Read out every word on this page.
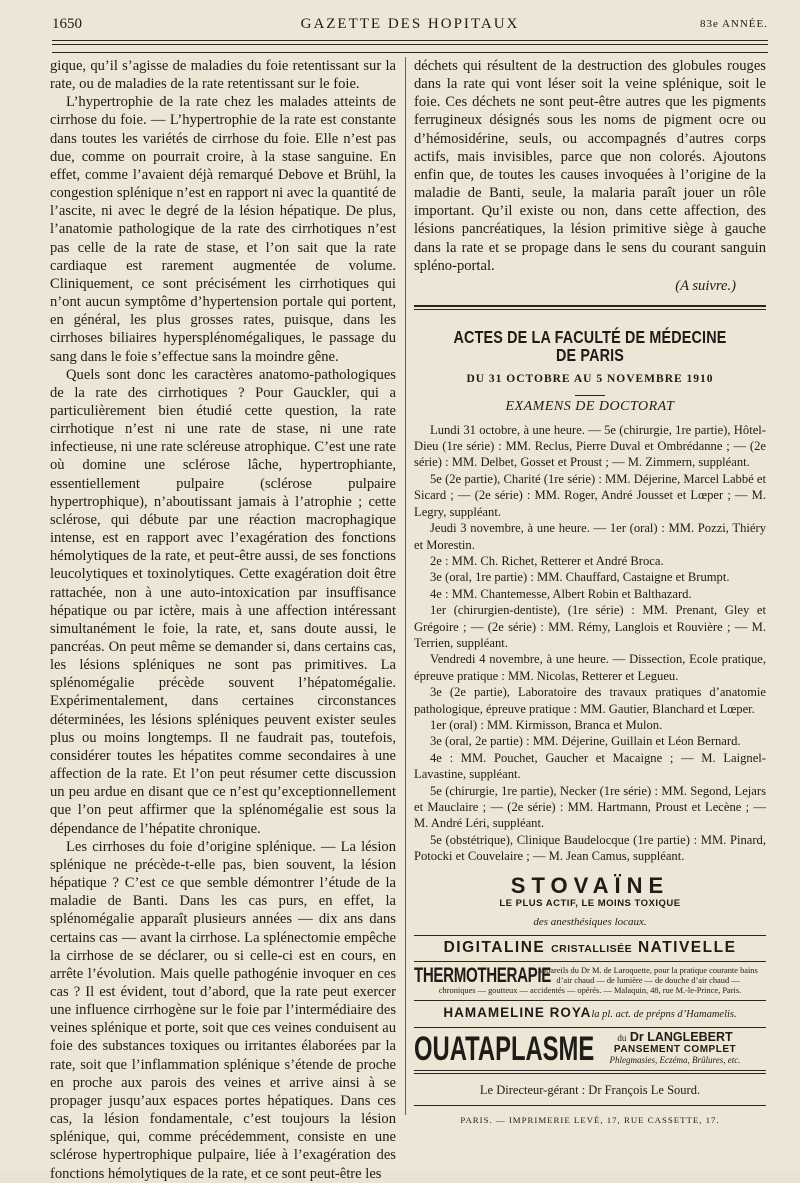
1650	GAZETTE DES HOPITAUX	83e ANNÉE.

gique, qu’il s’agisse de maladies du foie retentissant sur la rate, ou de maladies de la rate retentissant sur le foie.

L’hypertrophie de la rate chez les malades atteints de cirrhose du foie. — L’hypertrophie de la rate est constante dans toutes les variétés de cirrhose du foie. Elle n’est pas due, comme on pourrait croire, à la stase sanguine. En effet, comme l’avaient déjà remarqué Debove et Brühl, la congestion splénique n’est en rapport ni avec la quantité de l’ascite, ni avec le degré de la lésion hépatique. De plus, l’anatomie pathologique de la rate des cirrhotiques n’est pas celle de la rate de stase, et l’on sait que la rate cardiaque est rarement augmentée de volume. Cliniquement, ce sont précisément les cirrhotiques qui n’ont aucun symptôme d’hypertension portale qui portent, en général, les plus grosses rates, puisque, dans les cirrhoses biliaires hypersplénomégaliques, le passage du sang dans le foie s’effectue sans la moindre gêne.

Quels sont donc les caractères anatomo-pathologiques de la rate des cirrhotiques ? Pour Gauckler, qui a particulièrement bien étudié cette question, la rate cirrhotique n’est ni une rate de stase, ni une rate infectieuse, ni une rate scléreuse atrophique. C’est une rate où domine une sclérose lâche, hypertrophiante, essentiellement pulpaire (sclérose pulpaire hypertrophique), n’aboutissant jamais à l’atrophie ; cette sclérose, qui débute par une réaction macrophagique intense, est en rapport avec l’exagération des fonctions hémolytiques de la rate, et peut-être aussi, de ses fonctions leucolytiques et toxinolytiques. Cette exagération doit être rattachée, non à une auto-intoxication par insuffisance hépatique ou par ictère, mais à une affection intéressant simultanément le foie, la rate, et, sans doute aussi, le pancréas. On peut même se demander si, dans certains cas, les lésions spléniques ne sont pas primitives. La splénomégalie précède souvent l’hépatomégalie. Expérimentalement, dans certaines circonstances déterminées, les lésions spléniques peuvent exister seules plus ou moins longtemps. Il ne faudrait pas, toutefois, considérer toutes les hépatites comme secondaires à une affection de la rate. Et l’on peut résumer cette discussion un peu ardue en disant que ce n’est qu’exceptionnellement que l’on peut affirmer que la splénomégalie est sous la dépendance de l’hépatite chronique.

Les cirrhoses du foie d’origine splénique. — La lésion splénique ne précède-t-elle pas, bien souvent, la lésion hépatique ? C’est ce que semble démontrer l’étude de la maladie de Banti. Dans les cas purs, en effet, la splénomégalie apparaît plusieurs années — dix ans dans certains cas — avant la cirrhose. La splénectomie empêche la cirrhose de se déclarer, ou si celle-ci est en cours, en arrête l’évolution. Mais quelle pathogénie invoquer en ces cas ? Il est évident, tout d’abord, que la rate peut exercer une influence cirrhogène sur le foie par l’intermédiaire des veines splénique et porte, soit que ces veines conduisent au foie des substances toxiques ou irritantes élaborées par la rate, soit que l’inflammation splénique s’étende de proche en proche aux parois des veines et arrive ainsi à se propager jusqu’aux espaces portes hépatiques. Dans ces cas, la lésion fondamentale, c’est toujours la lésion splénique, qui, comme précédemment, consiste en une sclérose hypertrophique pulpaire, liée à l’exagération des fonctions hémolytiques de la rate, et ce sont peut-être les

déchets qui résultent de la destruction des globules rouges dans la rate qui vont léser soit la veine splénique, soit le foie. Ces déchets ne sont peut-être autres que les pigments ferrugineux désignés sous les noms de pigment ocre ou d’hémosidérine, seuls, ou accompagnés d’autres corps actifs, mais invisibles, parce que non colorés. Ajoutons enfin que, de toutes les causes invoquées à l’origine de la maladie de Banti, seule, la malaria paraît jouer un rôle important. Qu’il existe ou non, dans cette affection, des lésions pancréatiques, la lésion primitive siège à gauche dans la rate et se propage dans le sens du courant sanguin spléno-portal.

(A suivre.)
ACTES DE LA FACULTÉ DE MÉDECINE DE PARIS
DU 31 OCTOBRE AU 5 NOVEMBRE 1910
EXAMENS DE DOCTORAT

Lundi 31 octobre, à une heure. — 5e (chirurgie, 1re partie), Hôtel-Dieu (1re série) : MM. Reclus, Pierre Duval et Ombrédanne ; — (2e série) : MM. Delbet, Gosset et Proust ; — M. Zimmern, suppléant.

5e (2e partie), Charité (1re série) : MM. Déjerine, Marcel Labbé et Sicard ; — (2e série) : MM. Roger, André Jousset et Lœper ; — M. Legry, suppléant.

Jeudi 3 novembre, à une heure. — 1er (oral) : MM. Pozzi, Thiéry et Morestin.

2e : MM. Ch. Richet, Retterer et André Broca.

3e (oral, 1re partie) : MM. Chauffard, Castaigne et Brumpt.

4e : MM. Chantemesse, Albert Robin et Balthazard.

1er (chirurgien-dentiste), (1re série) : MM. Prenant, Gley et Grégoire ; — (2e série) : MM. Rémy, Langlois et Rouvière ; — M. Terrien, suppléant.

Vendredi 4 novembre, à une heure. — Dissection, Ecole pratique, épreuve pratique : MM. Nicolas, Retterer et Legueu.

3e (2e partie), Laboratoire des travaux pratiques d’anatomie pathologique, épreuve pratique : MM. Gautier, Blanchard et Lœper.

1er (oral) : MM. Kirmisson, Branca et Mulon.

3e (oral, 2e partie) : MM. Déjerine, Guillain et Léon Bernard.

4e : MM. Pouchet, Gaucher et Macaigne ; — M. Laignel-Lavastine, suppléant.

5e (chirurgie, 1re partie), Necker (1re série) : MM. Segond, Lejars et Mauclaire ; — (2e série) : MM. Hartmann, Proust et Lecène ; — M. André Léri, suppléant.

5e (obstétrique), Clinique Baudelocque (1re partie) : MM. Pinard, Potocki et Couvelaire ; — M. Jean Camus, suppléant.

STOVAÏNE
LE PLUS ACTIF, LE MOINS TOXIQUE
des anesthésiques locaux.
DIGITALINE CRISTALLISÉE NATIVELLE
THERMOTHERAPIE
appareils du Dr M. de Laroquette, pour la pratique courante bains d’air chaud — de lumière — de douche d’air chaud —
chroniques — goutteux — accidentés — opérés. — Malaquin, 48, rue M.-le-Prince, Paris.
HAMAMELINE ROYAla pl. act. de prépns d’Hamamelis.
OUATAPLASME	du Dr LANGLEBERT
PANSEMENT COMPLET
Phlegmasies, Eczéma, Brûlures, etc.
Le Directeur-gérant : Dr François Le Sourd.
PARIS. — IMPRIMERIE LEVÉ, 17, RUE CASSETTE, 17.
